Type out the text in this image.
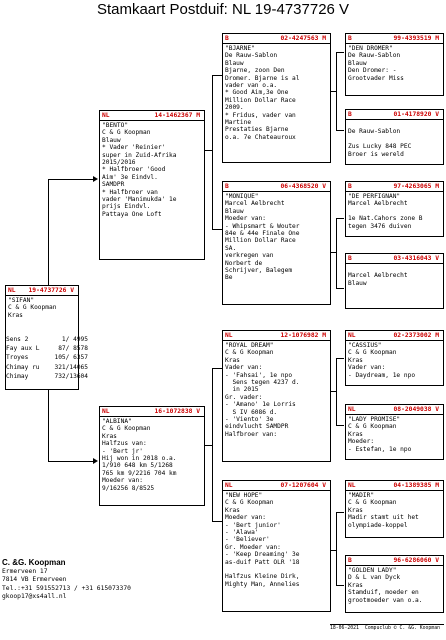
Stamkaart Postduif: NL 19-4737726 V
NL 19-4737726 V
"SIFAN"
C & G Koopman
Kras
Sens 2	1/ 4995
Fay aux L	87/ 8578
Troyes	105/ 6357
Chimay ru 321/14065
Chimay	732/13604
NL	14-1462367 M
"BENTO"
C & G Koopman
Blauw
* Vader 'Reinier'
super in Zuid-Afrika
2015/2016
* Halfbroer 'Good
Aim' 3e Eindvl.
SAMDPR
* Halfbroer van
vader 'Manimukda' 1e
prijs Eindvl.
Pattaya One Loft
NL	16-1072838 V
"ALBINA"
C & G Koopman
Kras
Halfzus van:
- 'Bert jr'
Hij won in 2018 o.a.
1/910 648 km 5/1268
765 km 9/2216 704 km
Moeder van:
9/16256 8/8525
B	02-4247563 M
"BJARNE"
De Rauw-Sablon
Blauw
Bjarne, zoon Den
Dromer. Bjarne is al
vader van o.a.
* Good Aim,3e One
Million Dollar Race
2009.
* Fridus, vader van
Martine
Prestaties Bjarne
o.a. 7e Chateauroux
B	06-4368520 V
"MONIQUE"
Marcel Aelbrecht
Blauw
Moeder van:
- Whipsmart & Wouter
84e & 44e Finale One
Million Dollar Race
SA.
verkregen van
Norbert de
Schrijver, Balegem
Be
NL	12-1076982 M
"ROYAL DREAM"
C & G Koopman
Kras
Vader van:
- 'Fahsai', 1e npo
Sens tegen 4237 d.
in 2015
Gr. vader:
- 'Amano' 1e Lorris
S IV 6086 d.
- 'Viento' 3e
eindvlucht SAMDPR
Halfbroer van:
NL	07-1207604 V
"NEW HOPE"
C & G Koopman
Kras
Moeder van:
- 'Bert junior'
- 'Alawa'
- 'Believer'
Gr. Moeder van:
- 'Keep Dreaming' 3e
as-duif Patt OLR '18

Halfzus Kleine Dirk,
Mighty Man, Annelies
B	99-4393519 M
"DEN DROMER"
De Rauw-Sablon
Blauw
Den Dromer: -
Grootvader Miss
B	01-4178920 V

De Rauw-Sablon

Zus Lucky 848 PEC
Broer is wereld
B	97-4263065 M
"DE PERFIGNAN"
Marcel Aelbrecht

1e Nat.Cahors zone B
tegen 3476 duiven
B	03-4316043 V

Marcel Aelbrecht
Blauw
NL	02-2373002 M
"CASSIUS"
C & G Koopman
Kras
Vader van:
- Daydream, 1e npo
NL	08-2049038 V
"LADY PROMISE"
C & G Koopman
Kras
Moeder:
- Estefan, 1e npo
NL	04-1389385 M
"MADIR"
C & G Koopman
Kras
Madir stamt uit het
olympiade-koppel
B	96-6286060 V
"GOLDEN LADY"
D & L van Dyck
Kras
Stamduif, moeder en
grootmoeder van o.a.
C. &G. Koopman
Ermerveen 17
7814 VB Ermerveen
Tel.:+31 591552713 / +31 615073370
gkoop17@xs4all.nl
18-06-2021 Compuclub © C. &G. Koopman
